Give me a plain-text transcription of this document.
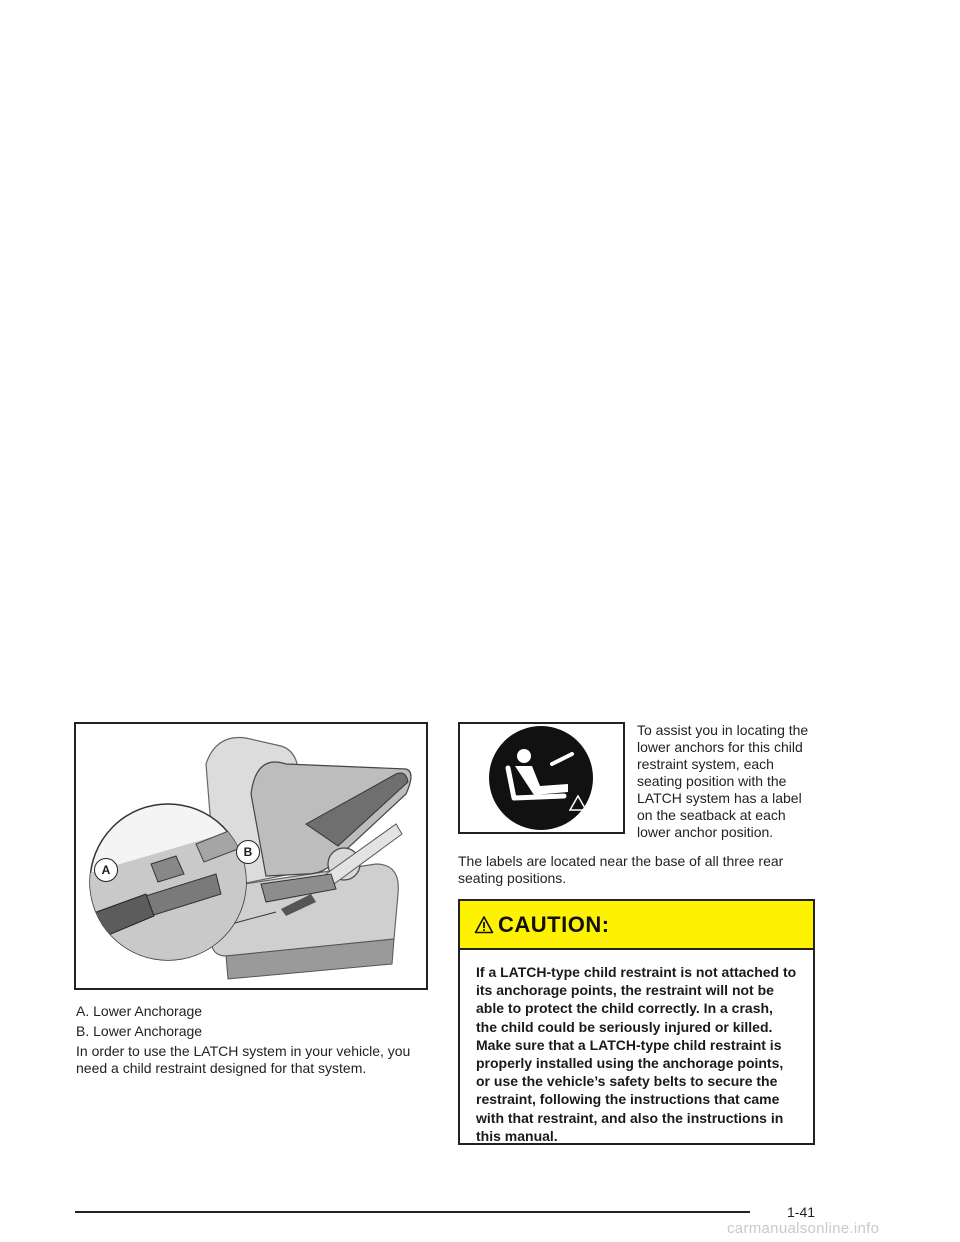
A
B
A. Lower Anchorage
B. Lower Anchorage
In order to use the LATCH system in your vehicle, you need a child restraint designed for that system.
To assist you in locating the lower anchors for this child restraint system, each seating position with the LATCH system has a label on the seatback at each lower anchor position.
The labels are located near the base of all three rear seating positions.
CAUTION:
If a LATCH-type child restraint is not attached to its anchorage points, the restraint will not be able to protect the child correctly. In a crash, the child could be seriously injured or killed. Make sure that a LATCH-type child restraint is properly installed using the anchorage points, or use the vehicle’s safety belts to secure the restraint, following the instructions that came with that restraint, and also the instructions in this manual.
1-41
carmanualsonline.info
